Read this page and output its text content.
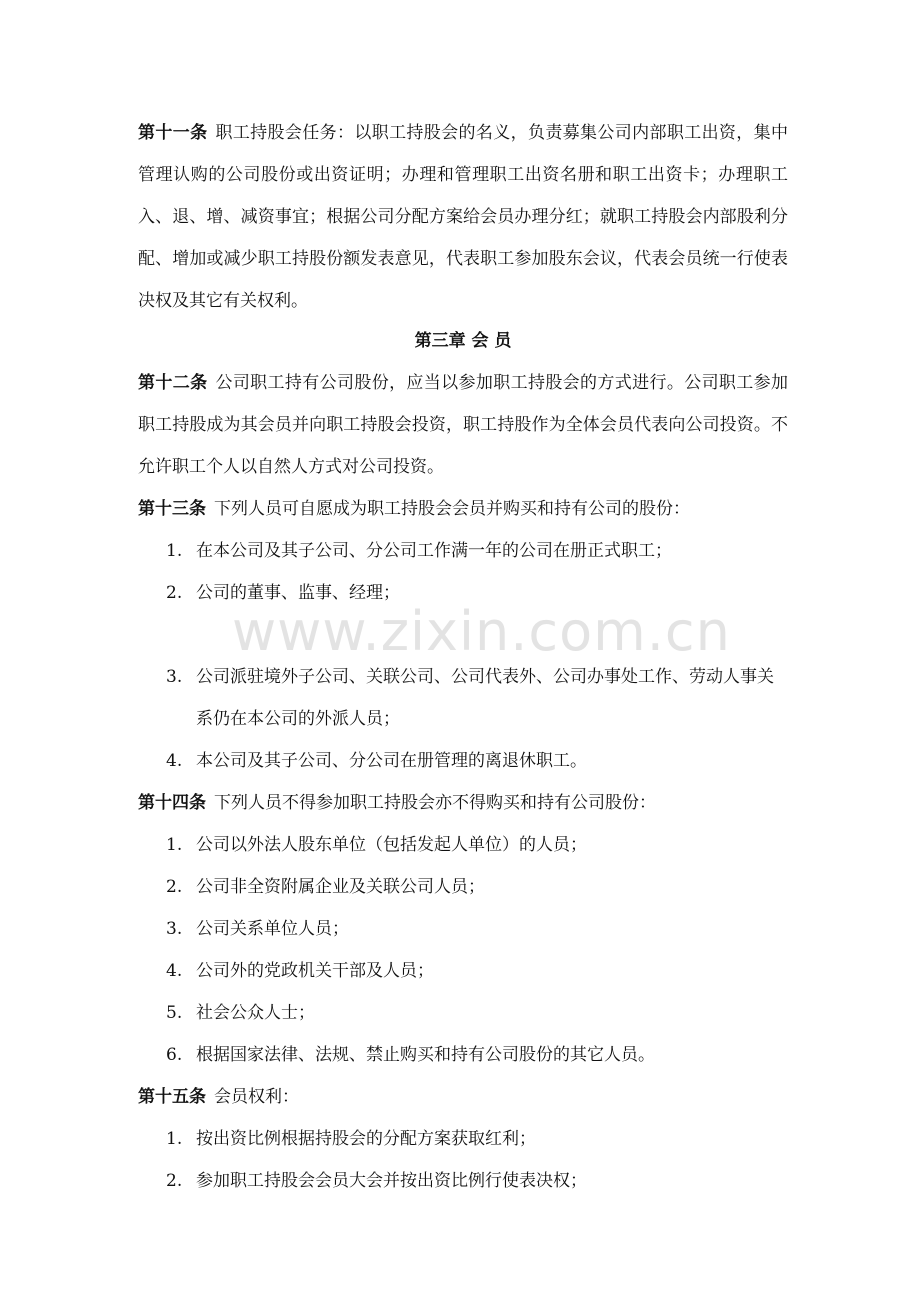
第十一条 职工持股会任务：以职工持股会的名义，负责募集公司内部职工出资，集中管理认购的公司股份或出资证明；办理和管理职工出资名册和职工出资卡；办理职工入、退、增、减资事宜；根据公司分配方案给会员办理分红；就职工持股会内部股利分配、增加或减少职工持股份额发表意见，代表职工参加股东会议，代表会员统一行使表决权及其它有关权利。
第三章 会 员
第十二条 公司职工持有公司股份，应当以参加职工持股会的方式进行。公司职工参加职工持股成为其会员并向职工持股会投资，职工持股作为全体会员代表向公司投资。不允许职工个人以自然人方式对公司投资。
第十三条 下列人员可自愿成为职工持股会会员并购买和持有公司的股份：
1. 在本公司及其子公司、分公司工作满一年的公司在册正式职工；
2. 公司的董事、监事、经理；
3. 公司派驻境外子公司、关联公司、公司代表外、公司办事处工作、劳动人事关系仍在本公司的外派人员；
4. 本公司及其子公司、分公司在册管理的离退休职工。
第十四条 下列人员不得参加职工持股会亦不得购买和持有公司股份：
1. 公司以外法人股东单位（包括发起人单位）的人员；
2. 公司非全资附属企业及关联公司人员；
3. 公司关系单位人员；
4. 公司外的党政机关干部及人员；
5. 社会公众人士；
6. 根据国家法律、法规、禁止购买和持有公司股份的其它人员。
第十五条 会员权利：
1. 按出资比例根据持股会的分配方案获取红利；
2. 参加职工持股会会员大会并按出资比例行使表决权；
www.zixin.com.cn
